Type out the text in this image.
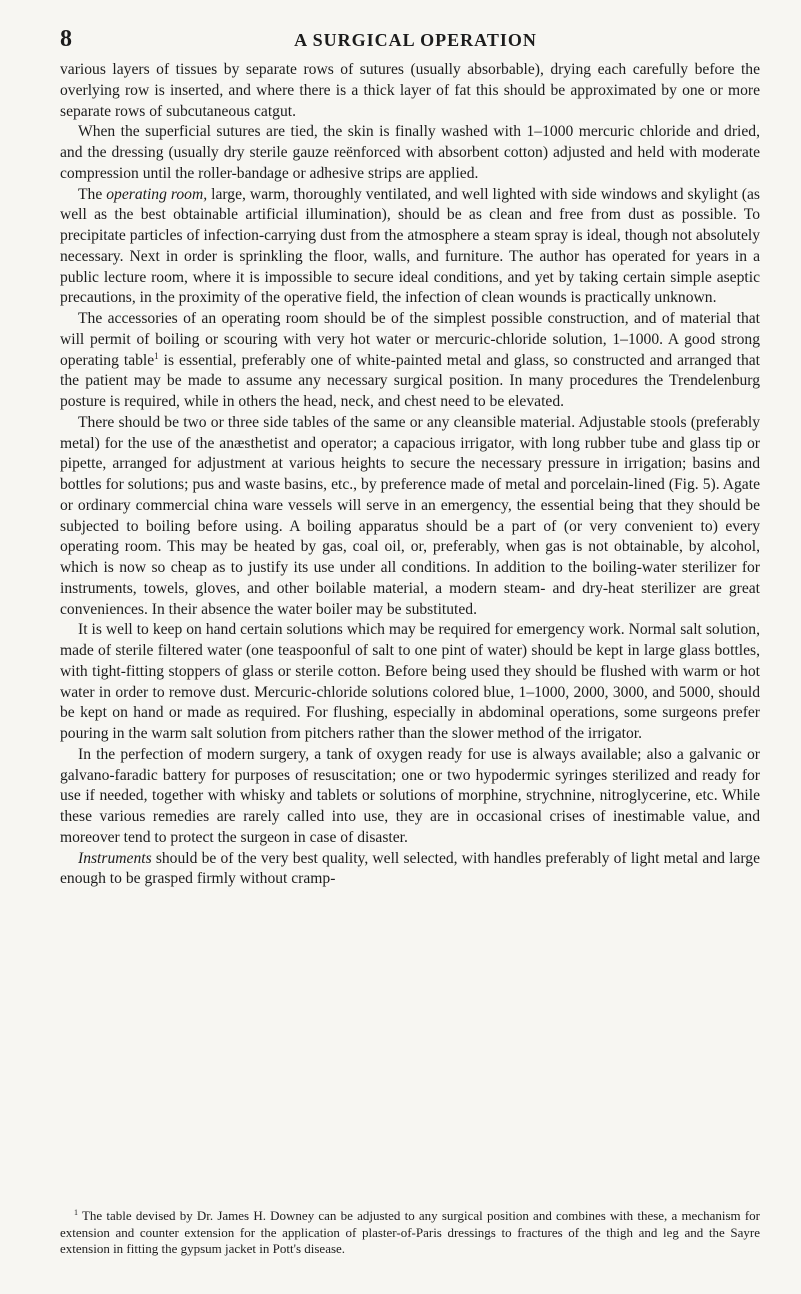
8	A SURGICAL OPERATION

various layers of tissues by separate rows of sutures (usually absorbable), drying each carefully before the overlying row is inserted, and where there is a thick layer of fat this should be approximated by one or more separate rows of subcutaneous catgut.

When the superficial sutures are tied, the skin is finally washed with 1–1000 mercuric chloride and dried, and the dressing (usually dry sterile gauze reënforced with absorbent cotton) adjusted and held with moderate compression until the roller-bandage or adhesive strips are applied.

The operating room, large, warm, thoroughly ventilated, and well lighted with side windows and skylight (as well as the best obtainable artificial illumination), should be as clean and free from dust as possible. To precipitate particles of infection-carrying dust from the atmosphere a steam spray is ideal, though not absolutely necessary. Next in order is sprinkling the floor, walls, and furniture. The author has operated for years in a public lecture room, where it is impossible to secure ideal conditions, and yet by taking certain simple aseptic precautions, in the proximity of the operative field, the infection of clean wounds is practically unknown.

The accessories of an operating room should be of the simplest possible construction, and of material that will permit of boiling or scouring with very hot water or mercuric-chloride solution, 1–1000. A good strong operating table$^1$ is essential, preferably one of white-painted metal and glass, so constructed and arranged that the patient may be made to assume any necessary surgical position. In many procedures the Trendelenburg posture is required, while in others the head, neck, and chest need to be elevated.

There should be two or three side tables of the same or any cleansible material. Adjustable stools (preferably metal) for the use of the anæsthetist and operator; a capacious irrigator, with long rubber tube and glass tip or pipette, arranged for adjustment at various heights to secure the necessary pressure in irrigation; basins and bottles for solutions; pus and waste basins, etc., by preference made of metal and porcelain-lined (Fig. 5). Agate or ordinary commercial china ware vessels will serve in an emergency, the essential being that they should be subjected to boiling before using. A boiling apparatus should be a part of (or very convenient to) every operating room. This may be heated by gas, coal oil, or, preferably, when gas is not obtainable, by alcohol, which is now so cheap as to justify its use under all conditions. In addition to the boiling-water sterilizer for instruments, towels, gloves, and other boilable material, a modern steam- and dry-heat sterilizer are great conveniences. In their absence the water boiler may be substituted.

It is well to keep on hand certain solutions which may be required for emergency work. Normal salt solution, made of sterile filtered water (one teaspoonful of salt to one pint of water) should be kept in large glass bottles, with tight-fitting stoppers of glass or sterile cotton. Before being used they should be flushed with warm or hot water in order to remove dust. Mercuric-chloride solutions colored blue, 1–1000, 2000, 3000, and 5000, should be kept on hand or made as required. For flushing, especially in abdominal operations, some surgeons prefer pouring in the warm salt solution from pitchers rather than the slower method of the irrigator.

In the perfection of modern surgery, a tank of oxygen ready for use is always available; also a galvanic or galvano-faradic battery for purposes of resuscitation; one or two hypodermic syringes sterilized and ready for use if needed, together with whisky and tablets or solutions of morphine, strychnine, nitroglycerine, etc. While these various remedies are rarely called into use, they are in occasional crises of inestimable value, and moreover tend to protect the surgeon in case of disaster.

Instruments should be of the very best quality, well selected, with handles preferably of light metal and large enough to be grasped firmly without cramp-

$^1$ The table devised by Dr. James H. Downey can be adjusted to any surgical position and combines with these, a mechanism for extension and counter extension for the application of plaster-of-Paris dressings to fractures of the thigh and leg and the Sayre extension in fitting the gypsum jacket in Pott's disease.
